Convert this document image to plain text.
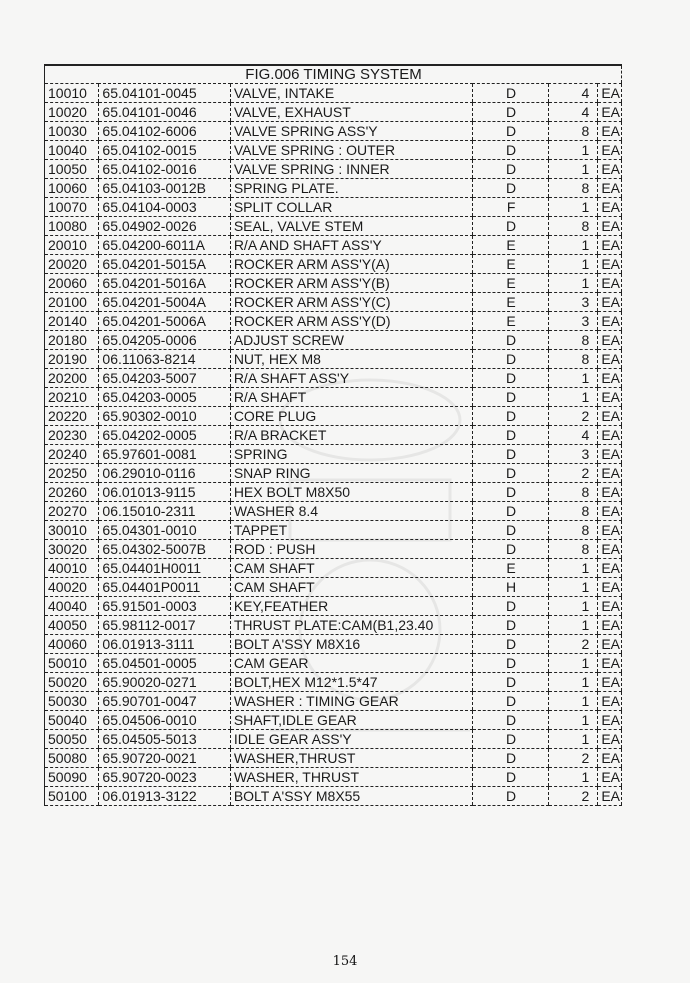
FIG.006 TIMING SYSTEM					
10010	65.04101-0045	VALVE, INTAKE	D	4	EA
10020	65.04101-0046	VALVE, EXHAUST	D	4	EA
10030	65.04102-6006	VALVE SPRING ASS'Y	D	8	EA
10040	65.04102-0015	VALVE SPRING : OUTER	D	1	EA
10050	65.04102-0016	VALVE SPRING : INNER	D	1	EA
10060	65.04103-0012B	SPRING PLATE.	D	8	EA
10070	65.04104-0003	SPLIT COLLAR	F	1	EA
10080	65.04902-0026	SEAL, VALVE STEM	D	8	EA
20010	65.04200-6011A	R/A AND SHAFT ASS'Y	E	1	EA
20020	65.04201-5015A	ROCKER ARM ASS'Y(A)	E	1	EA
20060	65.04201-5016A	ROCKER ARM ASS'Y(B)	E	1	EA
20100	65.04201-5004A	ROCKER ARM ASS'Y(C)	E	3	EA
20140	65.04201-5006A	ROCKER ARM ASS'Y(D)	E	3	EA
20180	65.04205-0006	ADJUST SCREW	D	8	EA
20190	06.11063-8214	NUT, HEX M8	D	8	EA
20200	65.04203-5007	R/A SHAFT ASS'Y	D	1	EA
20210	65.04203-0005	R/A SHAFT	D	1	EA
20220	65.90302-0010	CORE PLUG	D	2	EA
20230	65.04202-0005	R/A BRACKET	D	4	EA
20240	65.97601-0081	SPRING	D	3	EA
20250	06.29010-0116	SNAP RING	D	2	EA
20260	06.01013-9115	HEX BOLT M8X50	D	8	EA
20270	06.15010-2311	WASHER 8.4	D	8	EA
30010	65.04301-0010	TAPPET	D	8	EA
30020	65.04302-5007B	ROD : PUSH	D	8	EA
40010	65.04401H0011	CAM SHAFT	E	1	EA
40020	65.04401P0011	CAM SHAFT	H	1	EA
40040	65.91501-0003	KEY,FEATHER	D	1	EA
40050	65.98112-0017	THRUST PLATE:CAM(B1,23.40	D	1	EA
40060	06.01913-3111	BOLT A'SSY M8X16	D	2	EA
50010	65.04501-0005	CAM GEAR	D	1	EA
50020	65.90020-0271	BOLT,HEX M12*1.5*47	D	1	EA
50030	65.90701-0047	WASHER : TIMING GEAR	D	1	EA
50040	65.04506-0010	SHAFT,IDLE GEAR	D	1	EA
50050	65.04505-5013	IDLE GEAR ASS'Y	D	1	EA
50080	65.90720-0021	WASHER,THRUST	D	2	EA
50090	65.90720-0023	WASHER, THRUST	D	1	EA
50100	06.01913-3122	BOLT A'SSY M8X55	D	2	EA
154
